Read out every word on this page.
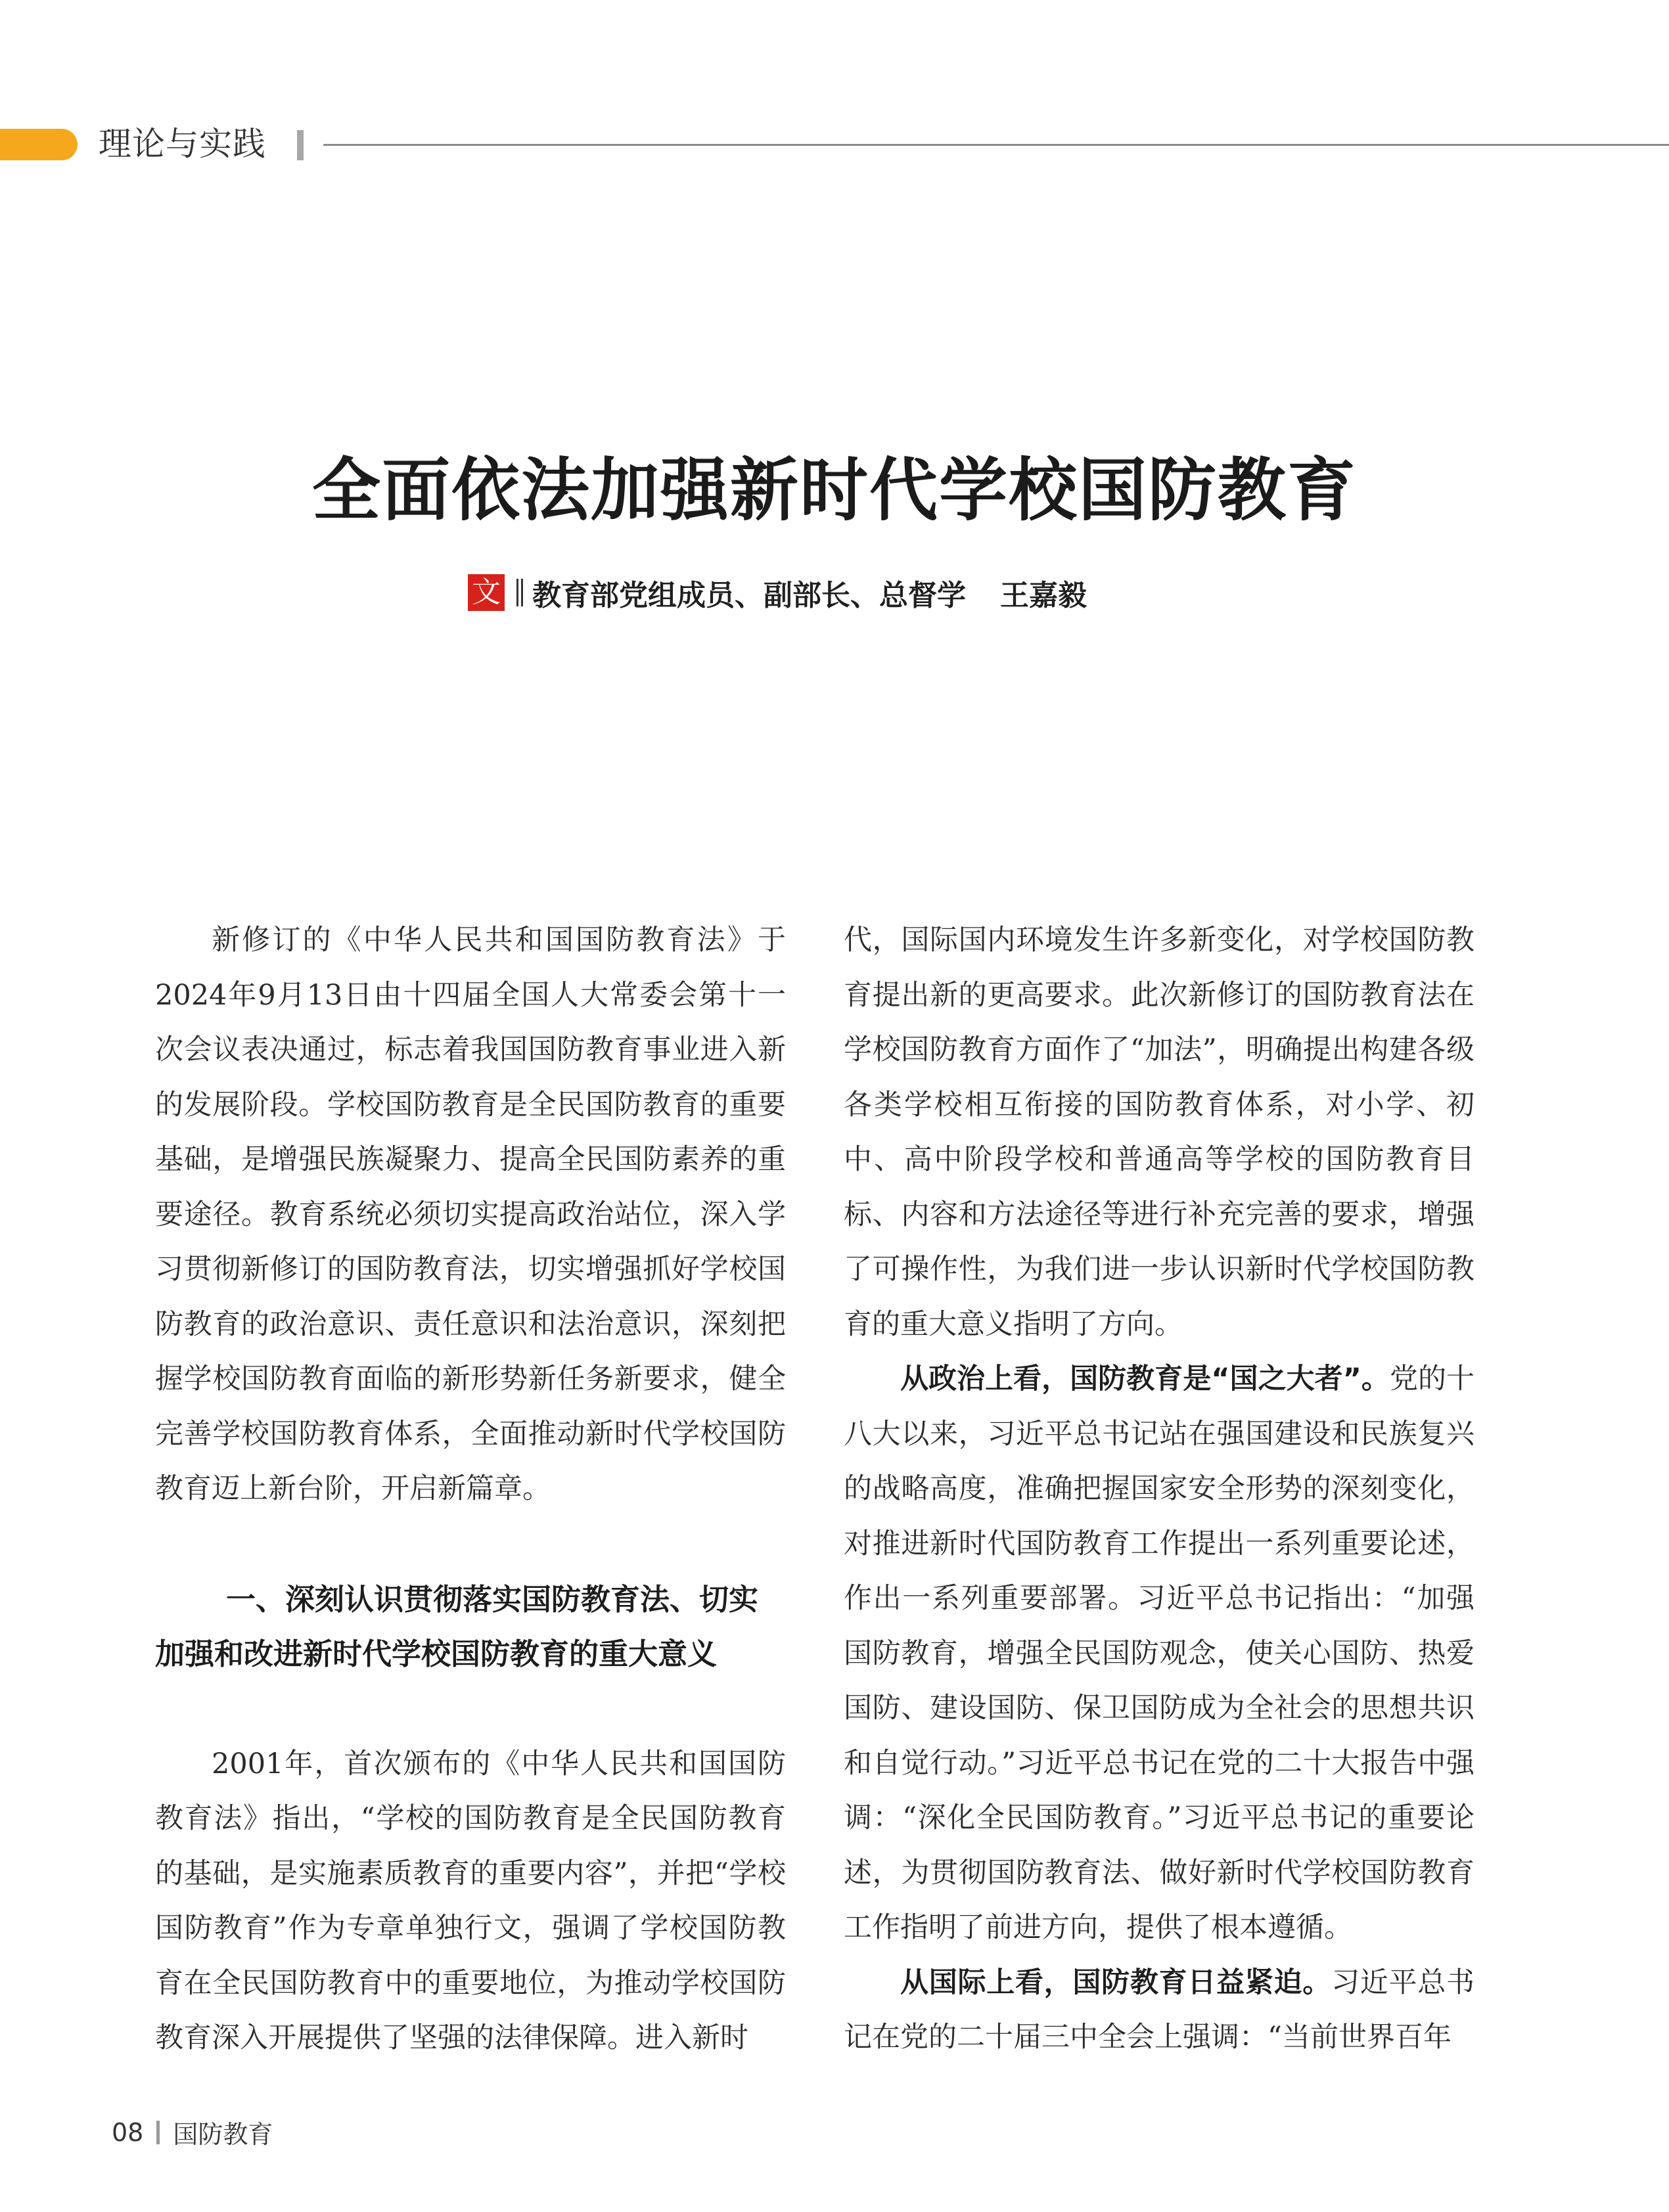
理论与实践
全面依法加强新时代学校国防教育
文 教育部党组成员、副部长、总督学 王嘉毅

新修订的《中华人民共和国国防教育法》于2024年9月13日由十四届全国人大常委会第十一次会议表决通过，标志着我国国防教育事业进入新的发展阶段。学校国防教育是全民国防教育的重要基础，是增强民族凝聚力、提高全民国防素养的重要途径。教育系统必须切实提高政治站位，深入学习贯彻新修订的国防教育法，切实增强抓好学校国防教育的政治意识、责任意识和法治意识，深刻把握学校国防教育面临的新形势新任务新要求，健全完善学校国防教育体系，全面推动新时代学校国防教育迈上新台阶，开启新篇章。

一、深刻认识贯彻落实国防教育法、切实
加强和改进新时代学校国防教育的重大意义

2001年，首次颁布的《中华人民共和国国防教育法》指出，“学校的国防教育是全民国防教育的基础，是实施素质教育的重要内容”，并把“学校国防教育”作为专章单独行文，强调了学校国防教育在全民国防教育中的重要地位，为推动学校国防教育深入开展提供了坚强的法律保障。进入新时

代，国际国内环境发生许多新变化，对学校国防教育提出新的更高要求。此次新修订的国防教育法在学校国防教育方面作了“加法”，明确提出构建各级各类学校相互衔接的国防教育体系，对小学、初中、高中阶段学校和普通高等学校的国防教育目标、内容和方法途径等进行补充完善的要求，增强了可操作性，为我们进一步认识新时代学校国防教育的重大意义指明了方向。

从政治上看，国防教育是“国之大者”。党的十八大以来，习近平总书记站在强国建设和民族复兴的战略高度，准确把握国家安全形势的深刻变化，对推进新时代国防教育工作提出一系列重要论述，作出一系列重要部署。习近平总书记指出：“加强国防教育，增强全民国防观念，使关心国防、热爱国防、建设国防、保卫国防成为全社会的思想共识和自觉行动。”习近平总书记在党的二十大报告中强调：“深化全民国防教育。”习近平总书记的重要论述，为贯彻国防教育法、做好新时代学校国防教育工作指明了前进方向，提供了根本遵循。

从国际上看，国防教育日益紧迫。习近平总书记在党的二十届三中全会上强调：“当前世界百年

08 国防教育
